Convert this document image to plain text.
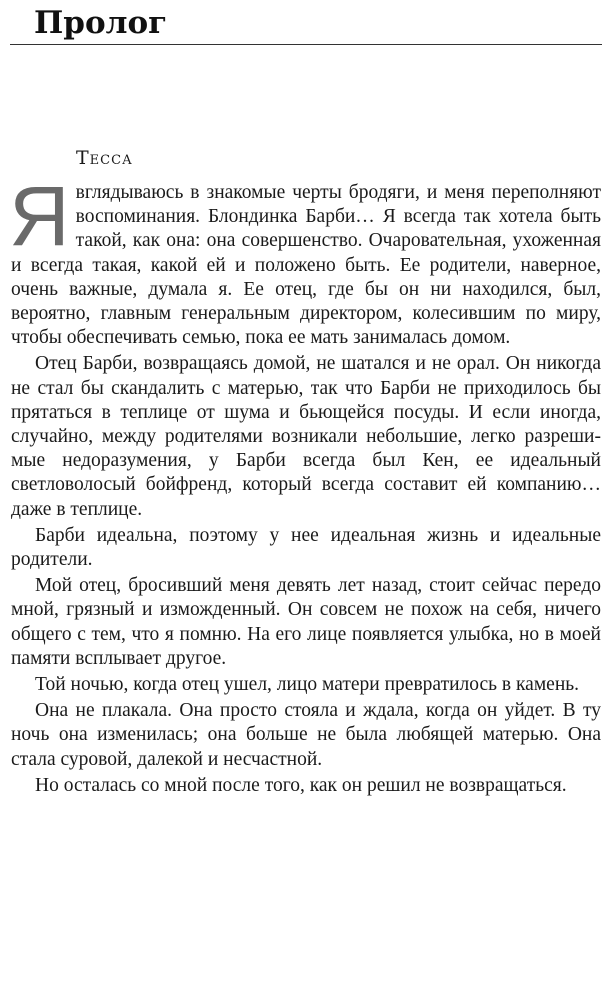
Пролог
Тесса

Явглядываюсь в знакомые черты бродяги, и меня переполняют воспоминания. Блондинка Барби… Я всегда так хотела быть такой, как она: она совершенство. Очаровательная, ухоженная и всегда такая, какой ей и положено быть. Ее родители, наверное, очень важные, думала я. Ее отец, где бы он ни находился, был, вероятно, главным генеральным директором, колесившим по миру, чтобы обеспечивать семью, пока ее мать занималась домом.

Отец Барби, возвращаясь домой, не шатался и не орал. Он никогда не стал бы скандалить с матерью, так что Барби не приходилось бы прятаться в теплице от шума и бьющейся посуды. И если иногда, случайно, между родителями возникали небольшие, легко разрешимые недоразумения, у Барби всегда был Кен, ее идеальный светловолосый бойфренд, который всегда составит ей компанию… даже в теплице.

Барби идеальна, поэтому у нее идеальная жизнь и идеальные родители.

Мой отец, бросивший меня девять лет назад, стоит сейчас передо мной, грязный и изможденный. Он совсем не похож на себя, ничего общего с тем, что я помню. На его лице появляется улыбка, но в моей памяти всплывает другое.

Той ночью, когда отец ушел, лицо матери превратилось в камень.

Она не плакала. Она просто стояла и ждала, когда он уйдет. В ту ночь она изменилась; она больше не была любящей матерью. Она стала суровой, далекой и несчастной.

Но осталась со мной после того, как он решил не возвращаться.
